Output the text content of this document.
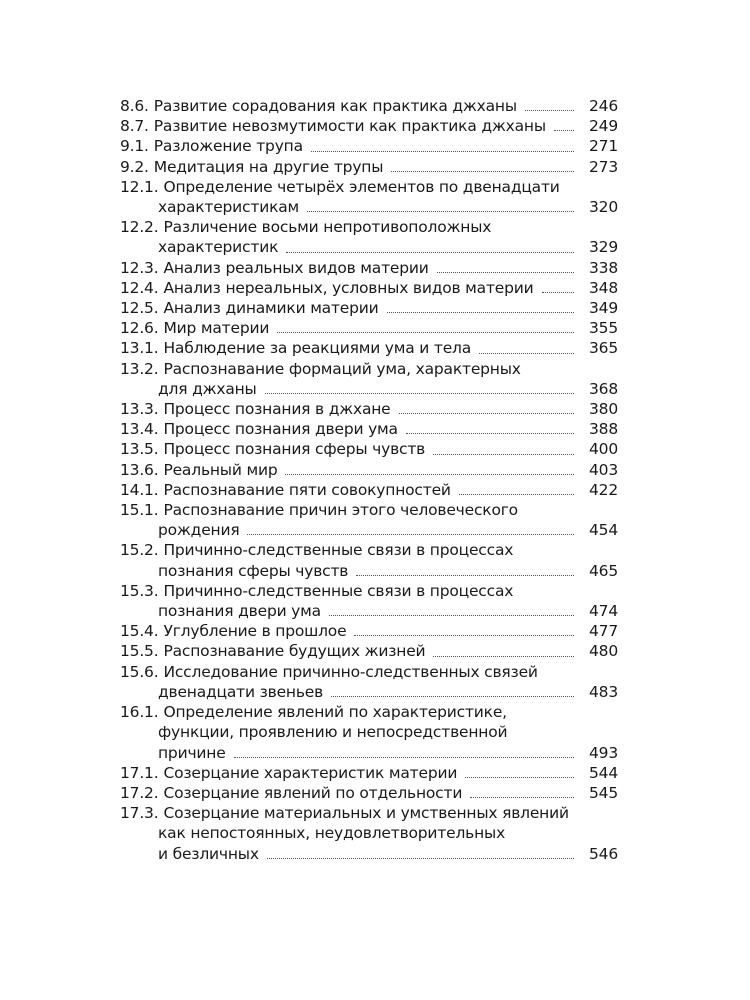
8.6. Развитие сорадования как практика джханы	246
8.7. Развитие невозмутимости как практика джханы	249
9.1. Разложение трупа	271
9.2. Медитация на другие трупы	273
12.1. Определение четырёх элементов по двенадцати
характеристикам	320
12.2. Различение восьми непротивоположных
характеристик	329
12.3. Анализ реальных видов материи	338
12.4. Анализ нереальных, условных видов материи	348
12.5. Анализ динамики материи	349
12.6. Мир материи	355
13.1. Наблюдение за реакциями ума и тела	365
13.2. Распознавание формаций ума, характерных
для джханы	368
13.3. Процесс познания в джхане	380
13.4. Процесс познания двери ума	388
13.5. Процесс познания сферы чувств	400
13.6. Реальный мир	403
14.1. Распознавание пяти совокупностей	422
15.1. Распознавание причин этого человеческого
рождения	454
15.2. Причинно-следственные связи в процессах
познания сферы чувств	465
15.3. Причинно-следственные связи в процессах
познания двери ума	474
15.4. Углубление в прошлое	477
15.5. Распознавание будущих жизней	480
15.6. Исследование причинно-следственных связей
двенадцати звеньев	483
16.1. Определение явлений по характеристике,
функции, проявлению и непосредственной
причине	493
17.1. Созерцание характеристик материи	544
17.2. Созерцание явлений по отдельности	545
17.3. Созерцание материальных и умственных явлений
как непостоянных, неудовлетворительных
и безличных	546
